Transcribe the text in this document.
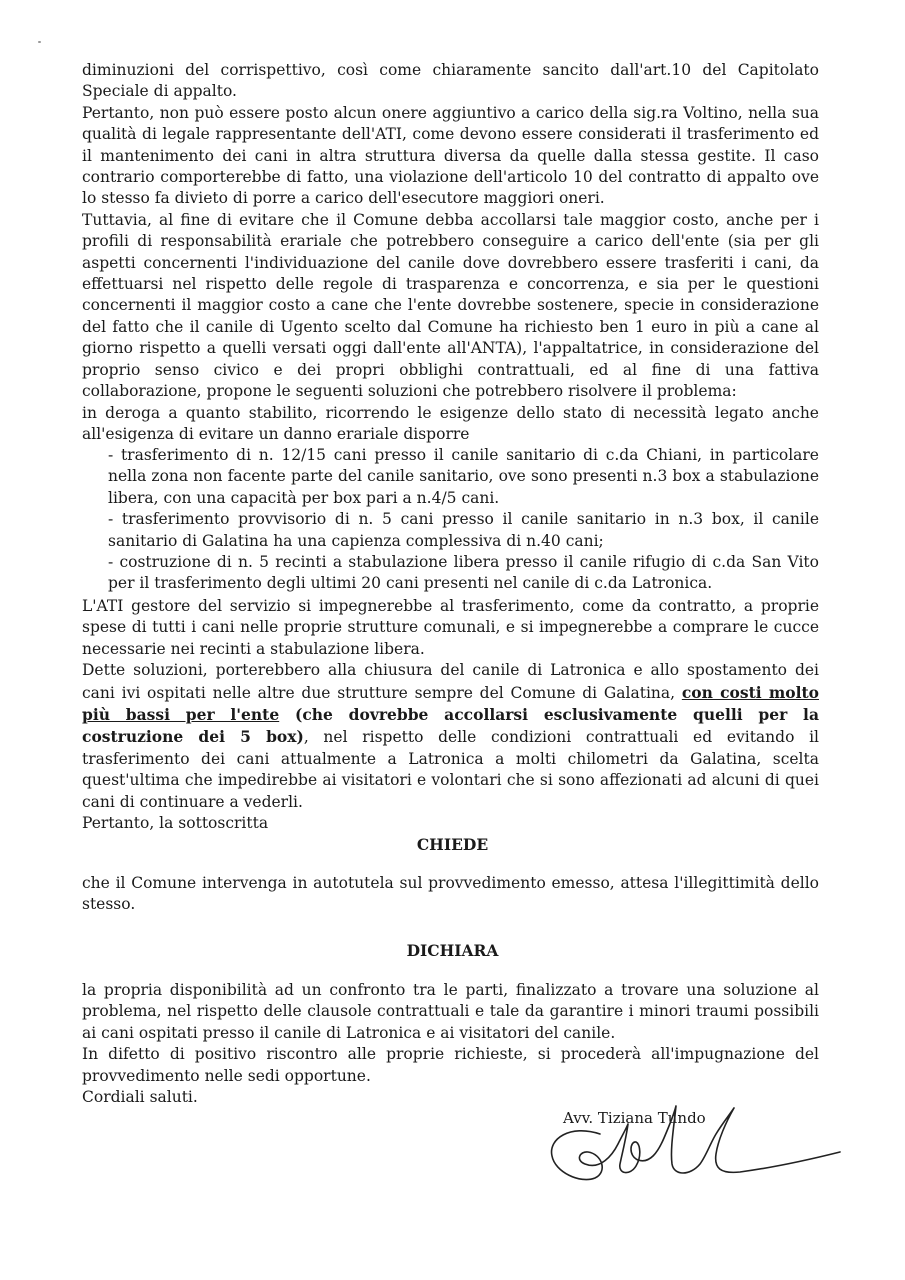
diminuzioni del corrispettivo, così come chiaramente sancito dall'art.10 del Capitolato Speciale di appalto.

Pertanto, non può essere posto alcun onere aggiuntivo a carico della sig.ra Voltino, nella sua qualità di legale rappresentante dell'ATI, come devono essere considerati il trasferimento ed il mantenimento dei cani in altra struttura diversa da quelle dalla stessa gestite. Il caso contrario comporterebbe di fatto, una violazione dell'articolo 10 del contratto di appalto ove lo stesso fa divieto di porre a carico dell'esecutore maggiori oneri.

Tuttavia, al fine di evitare che il Comune debba accollarsi tale maggior costo, anche per i profili di responsabilità erariale che potrebbero conseguire a carico dell'ente (sia per gli aspetti concernenti l'individuazione del canile dove dovrebbero essere trasferiti i cani, da effettuarsi nel rispetto delle regole di trasparenza e concorrenza, e sia per le questioni concernenti il maggior costo a cane che l'ente dovrebbe sostenere, specie in considerazione del fatto che il canile di Ugento scelto dal Comune ha richiesto ben 1 euro in più a cane al giorno rispetto a quelli versati oggi dall'ente all'ANTA), l'appaltatrice, in considerazione del proprio senso civico e dei propri obblighi contrattuali, ed al fine di una fattiva collaborazione, propone le seguenti soluzioni che potrebbero risolvere il problema:

in deroga a quanto stabilito, ricorrendo le esigenze dello stato di necessità legato anche all'esigenza di evitare un danno erariale disporre

- trasferimento di n. 12/15 cani presso il canile sanitario di c.da Chiani, in particolare nella zona non facente parte del canile sanitario, ove sono presenti n.3 box a stabulazione libera, con una capacità per box pari a n.4/5 cani.

- trasferimento provvisorio di n. 5 cani presso il canile sanitario in n.3 box, il canile sanitario di Galatina ha una capienza complessiva di n.40 cani;

- costruzione di n. 5 recinti a stabulazione libera presso il canile rifugio di c.da San Vito per il trasferimento degli ultimi 20 cani presenti nel canile di c.da Latronica.

L'ATI gestore del servizio si impegnerebbe al trasferimento, come da contratto, a proprie spese di tutti i cani nelle proprie strutture comunali, e si impegnerebbe a comprare le cucce necessarie nei recinti a stabulazione libera.

Dette soluzioni, porterebbero alla chiusura del canile di Latronica e allo spostamento dei cani ivi ospitati nelle altre due strutture sempre del Comune di Galatina, con costi molto più bassi per l'ente (che dovrebbe accollarsi esclusivamente quelli per la costruzione dei 5 box), nel rispetto delle condizioni contrattuali ed evitando il trasferimento dei cani attualmente a Latronica a molti chilometri da Galatina, scelta quest'ultima che impedirebbe ai visitatori e volontari che si sono affezionati ad alcuni di quei cani di continuare a vederli.

Pertanto, la sottoscritta

CHIEDE

che il Comune intervenga in autotutela sul provvedimento emesso, attesa l'illegittimità dello stesso.

DICHIARA

la propria disponibilità ad un confronto tra le parti, finalizzato a trovare una soluzione al problema, nel rispetto delle clausole contrattuali e tale da garantire i minori traumi possibili ai cani ospitati presso il canile di Latronica e ai visitatori del canile.

In difetto di positivo riscontro alle proprie richieste, si procederà all'impugnazione del provvedimento nelle sedi opportune.

Cordiali saluti.

Avv. Tiziana Tundo
